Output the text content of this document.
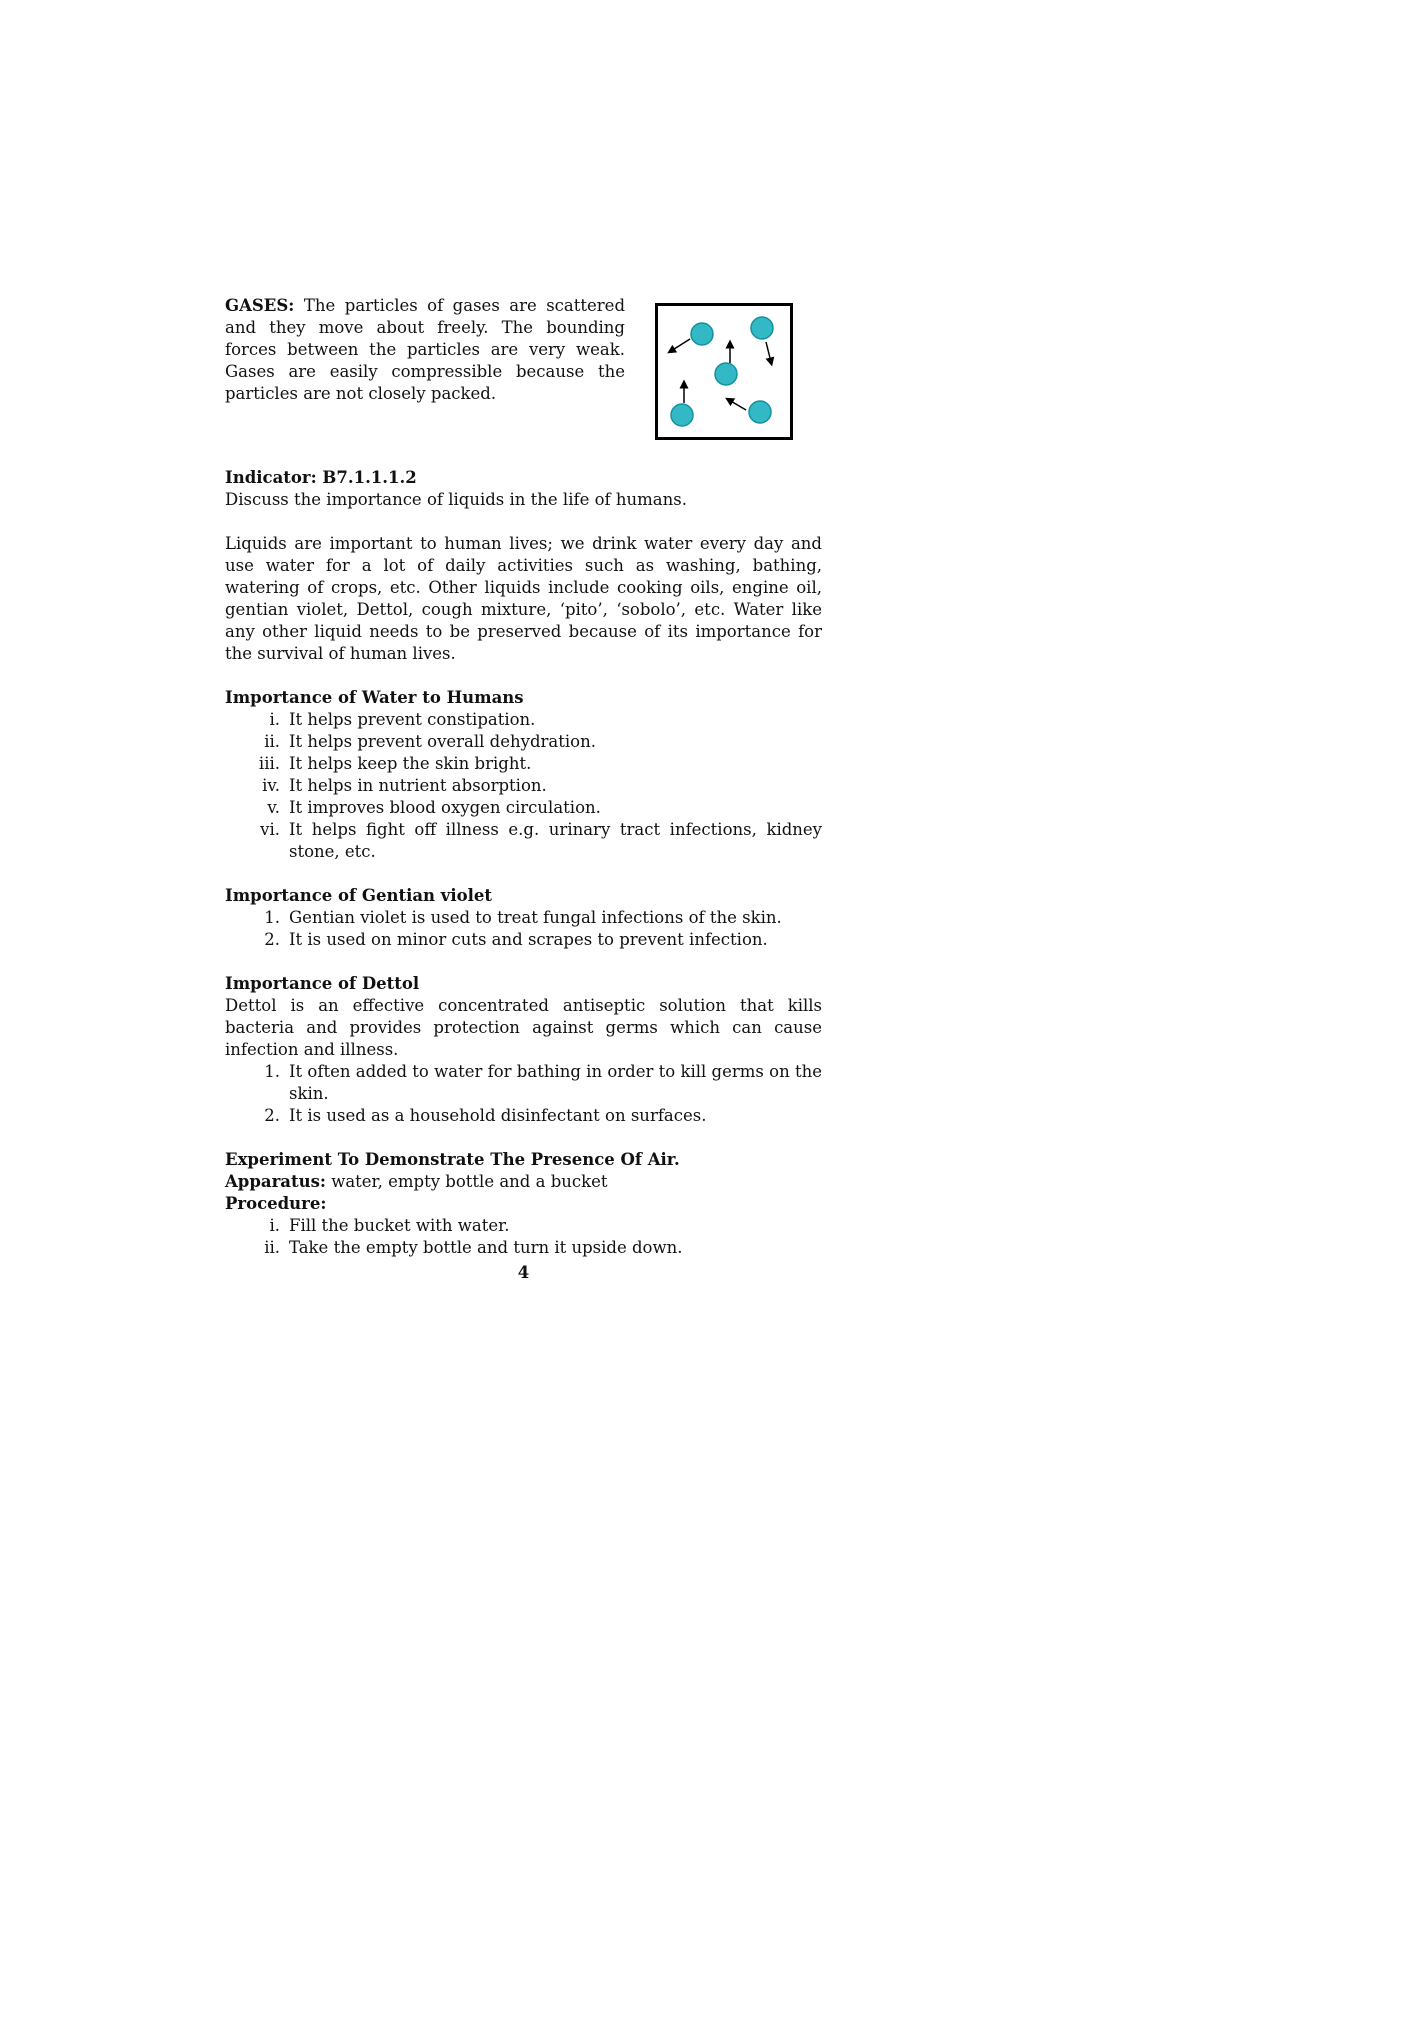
GASES: The particles of gases are scattered and they move about freely. The bounding forces between the particles are very weak. Gases are easily compressible because the particles are not closely packed.

Indicator: B7.1.1.1.2

Discuss the importance of liquids in the life of humans.

Liquids are important to human lives; we drink water every day and use water for a lot of daily activities such as washing, bathing, watering of crops, etc. Other liquids include cooking oils, engine oil, gentian violet, Dettol, cough mixture, ‘pito’, ‘sobolo’, etc. Water like any other liquid needs to be preserved because of its importance for the survival of human lives.

Importance of Water to Humans
i. It helps prevent constipation.
ii. It helps prevent overall dehydration.
iii. It helps keep the skin bright.
iv. It helps in nutrient absorption.
v. It improves blood oxygen circulation.
vi. It helps fight off illness e.g. urinary tract infections, kidney stone, etc.
Importance of Gentian violet
1. Gentian violet is used to treat fungal infections of the skin.
2. It is used on minor cuts and scrapes to prevent infection.
Importance of Dettol

Dettol is an effective concentrated antiseptic solution that kills bacteria and provides protection against germs which can cause infection and illness.

1. It often added to water for bathing in order to kill germs on the skin.
2. It is used as a household disinfectant on surfaces.
Experiment To Demonstrate The Presence Of Air.

Apparatus: water, empty bottle and a bucket

Procedure:

i. Fill the bucket with water.
ii. Take the empty bottle and turn it upside down.
4
